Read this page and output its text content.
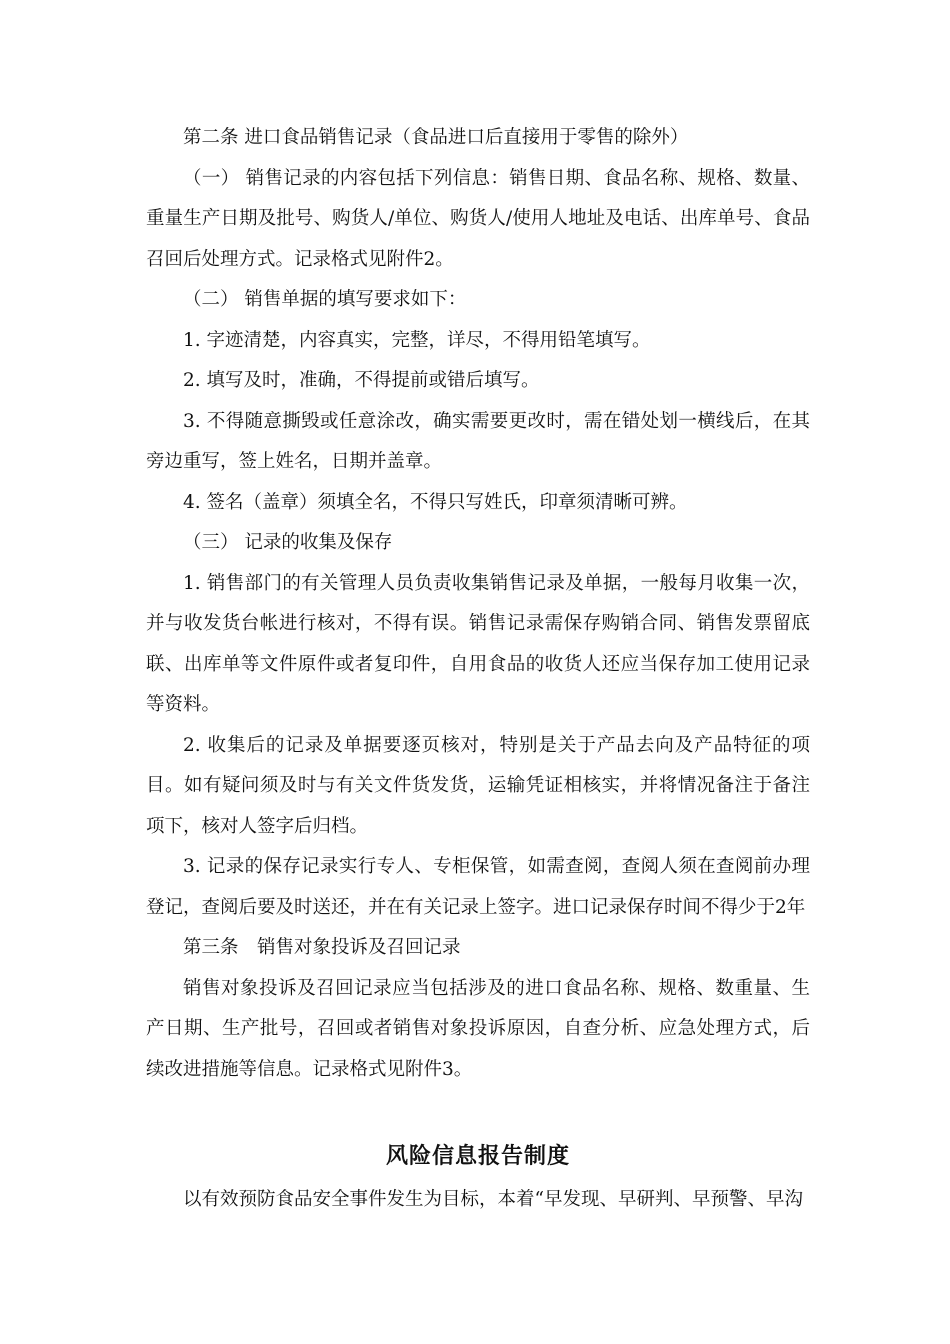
第二条 进口食品销售记录（食品进口后直接用于零售的除外）

（一） 销售记录的内容包括下列信息：销售日期、食品名称、规格、数量、重量生产日期及批号、购货人/单位、购货人/使用人地址及电话、出库单号、食品召回后处理方式。记录格式见附件2。

（二） 销售单据的填写要求如下：

1. 字迹清楚，内容真实，完整，详尽，不得用铅笔填写。

2. 填写及时，准确，不得提前或错后填写。

3. 不得随意撕毁或任意涂改，确实需要更改时，需在错处划一横线后，在其旁边重写，签上姓名，日期并盖章。

4. 签名（盖章）须填全名，不得只写姓氏，印章须清晰可辨。

（三） 记录的收集及保存

1. 销售部门的有关管理人员负责收集销售记录及单据，一般每月收集一次，并与收发货台帐进行核对，不得有误。销售记录需保存购销合同、销售发票留底联、出库单等文件原件或者复印件，自用食品的收货人还应当保存加工使用记录等资料。

2. 收集后的记录及单据要逐页核对，特别是关于产品去向及产品特征的项目。如有疑问须及时与有关文件货发货，运输凭证相核实，并将情况备注于备注项下，核对人签字后归档。

3. 记录的保存记录实行专人、专柜保管，如需查阅，查阅人须在查阅前办理登记，查阅后要及时送还，并在有关记录上签字。进口记录保存时间不得少于2年

第三条　销售对象投诉及召回记录

销售对象投诉及召回记录应当包括涉及的进口食品名称、规格、数重量、生产日期、生产批号，召回或者销售对象投诉原因，自查分析、应急处理方式，后续改进措施等信息。记录格式见附件3。

风险信息报告制度

以有效预防食品安全事件发生为目标，本着“早发现、早研判、早预警、早沟
